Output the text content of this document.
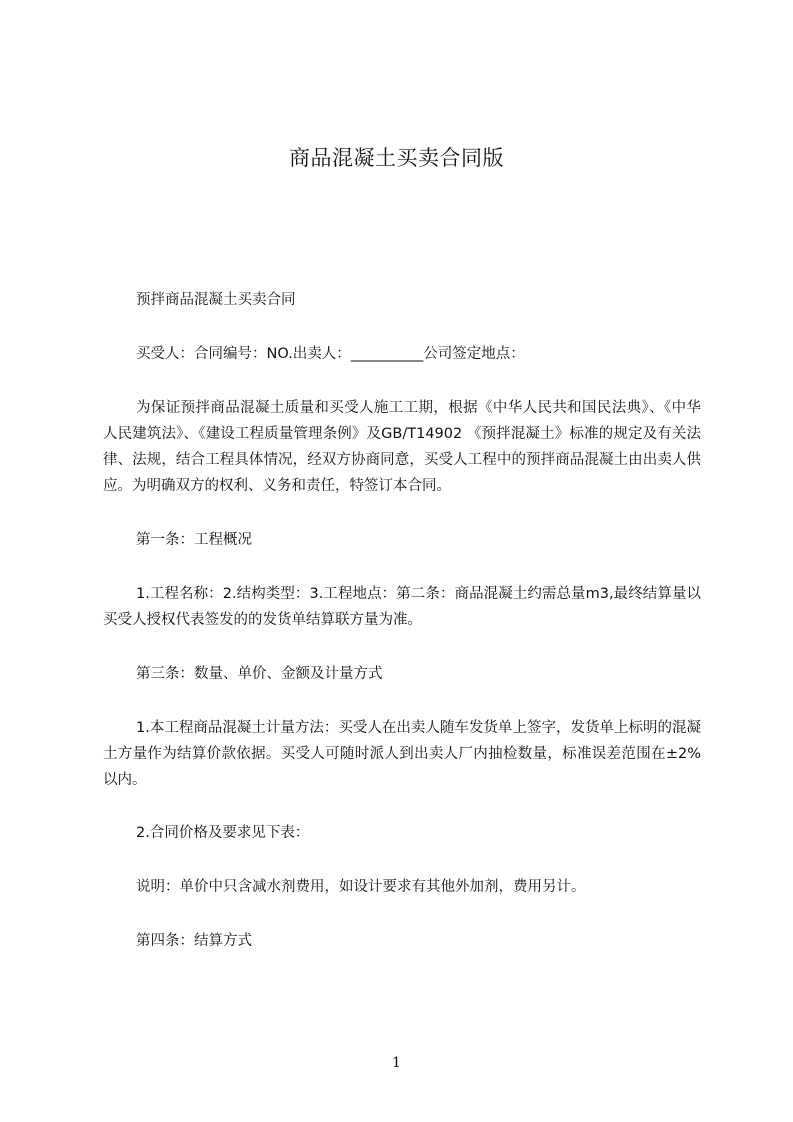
商品混凝土买卖合同版
预拌商品混凝土买卖合同
买受人：合同编号：NO.出卖人：__________公司签定地点：
为保证预拌商品混凝土质量和买受人施工工期，根据《中华人民共和国民法典》、《中华人民建筑法》、《建设工程质量管理条例》及GB/T14902 《预拌混凝土》标准的规定及有关法律、法规，结合工程具体情况，经双方协商同意，买受人工程中的预拌商品混凝土由出卖人供应。为明确双方的权利、义务和责任，特签订本合同。
第一条：工程概况
1.工程名称：2.结构类型：3.工程地点：第二条：商品混凝土约需总量m3,最终结算量以买受人授权代表签发的的发货单结算联方量为准。
第三条：数量、单价、金额及计量方式
1.本工程商品混凝土计量方法：买受人在出卖人随车发货单上签字，发货单上标明的混凝土方量作为结算价款依据。买受人可随时派人到出卖人厂内抽检数量，标准误差范围在±2%以内。
2.合同价格及要求见下表：
说明：单价中只含减水剂费用，如设计要求有其他外加剂，费用另计。
第四条：结算方式
1
